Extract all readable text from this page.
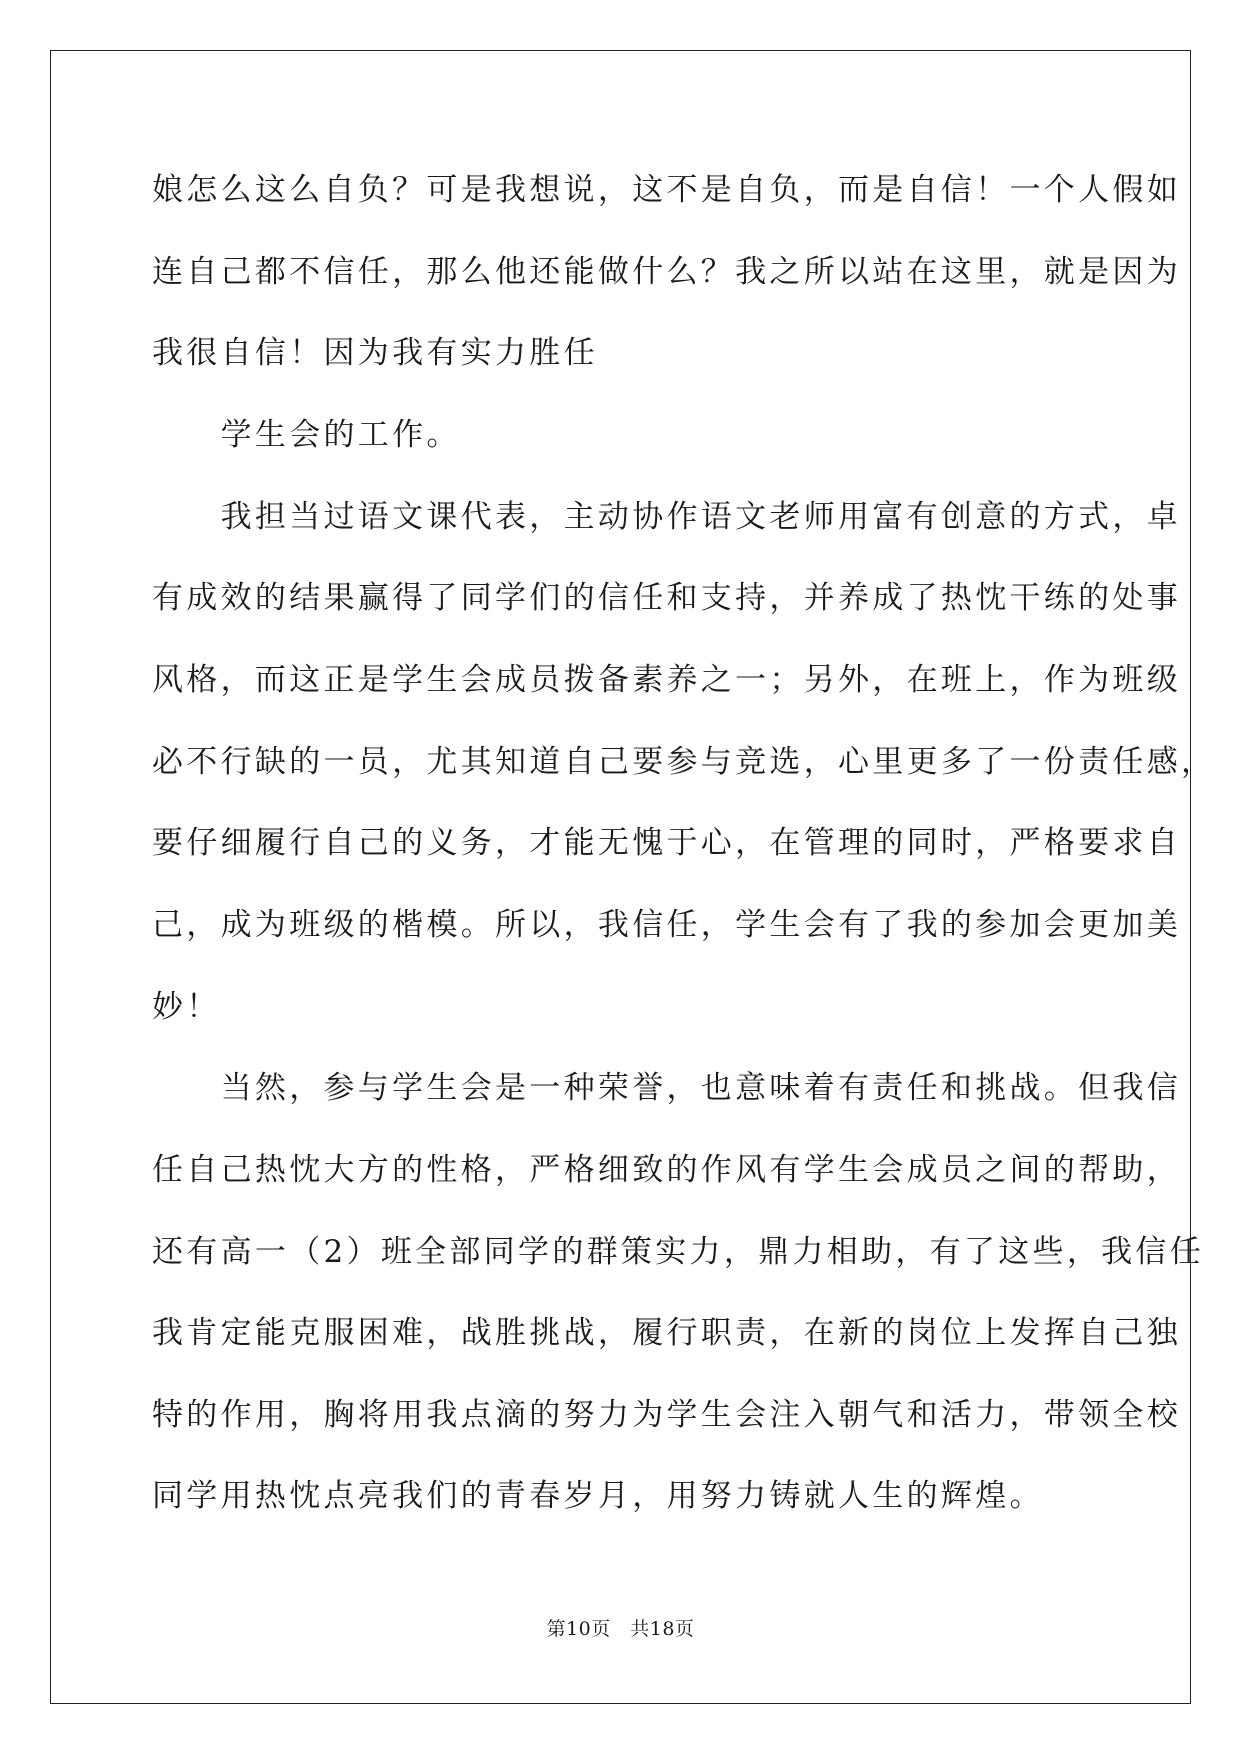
娘怎么这么自负？可是我想说，这不是自负，而是自信！一个人假如
连自己都不信任，那么他还能做什么？我之所以站在这里，就是因为
我很自信！因为我有实力胜任
　　学生会的工作。
　　我担当过语文课代表，主动协作语文老师用富有创意的方式，卓
有成效的结果赢得了同学们的信任和支持，并养成了热忱干练的处事
风格，而这正是学生会成员拨备素养之一；另外，在班上，作为班级
必不行缺的一员，尤其知道自己要参与竞选，心里更多了一份责任感，
要仔细履行自己的义务，才能无愧于心，在管理的同时，严格要求自
己，成为班级的楷模。所以，我信任，学生会有了我的参加会更加美
妙！
　　当然，参与学生会是一种荣誉，也意味着有责任和挑战。但我信
任自己热忱大方的性格，严格细致的作风有学生会成员之间的帮助，
还有高一（2）班全部同学的群策实力，鼎力相助，有了这些，我信任
我肯定能克服困难，战胜挑战，履行职责，在新的岗位上发挥自己独
特的作用，胸将用我点滴的努力为学生会注入朝气和活力，带领全校
同学用热忱点亮我们的青春岁月，用努力铸就人生的辉煌。
第10页　共18页
